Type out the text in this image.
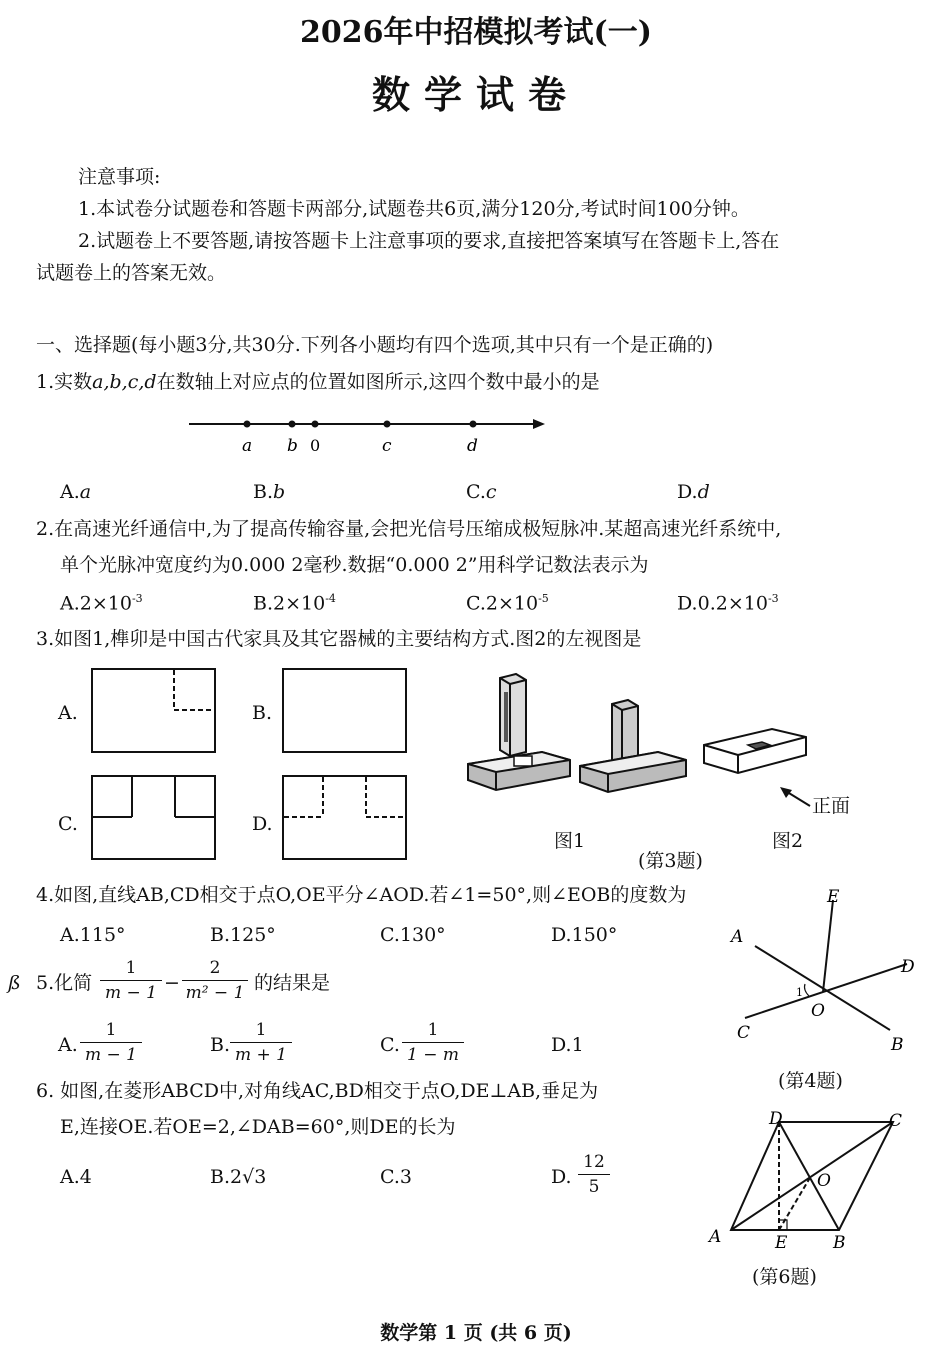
2026年中招模拟考试(一)
数学试卷
注意事项:
1.本试卷分试题卷和答题卡两部分,试题卷共6页,满分120分,考试时间100分钟。
2.试题卷上不要答题,请按答题卡上注意事项的要求,直接把答案填写在答题卡上,答在
试题卷上的答案无效。
一、选择题(每小题3分,共30分.下列各小题均有四个选项,其中只有一个是正确的)
1.实数a,b,c,d在数轴上对应点的位置如图所示,这四个数中最小的是
a b 0	c	d
A.a	B.b	C.c	D.d
2.在高速光纤通信中,为了提高传输容量,会把光信号压缩成极短脉冲.某超高速光纤系统中,
单个光脉冲宽度约为0.000 2毫秒.数据“0.000 2”用科学记数法表示为
$A.2\times 10^{-3}$	$B.2\times 10^{-4}$	$C.2\times 10^{-5}$	$D.0.2\times 10^{-3}$
3.如图1,榫卯是中国古代家具及其它器械的主要结构方式.图2的左视图是
A.	B.
C.	D.
正面
图1	图2
(第3题)
4.如图,直线AB,CD相交于点O,OE平分∠AOD.若∠1=50°,则∠EOB的度数为
A.115°	B.125°	C.130°	D.150°	A
B
C
D
E
O
1
(第4题)
ß 5.化简 $\frac{1}{m - 1} - \frac{2}{\text{m² − 1}}$ 的结果是
A. $\frac{1}{m - 1}$	B. $\frac{1}{m + 1}$	C. $\frac{1}{1 - m}$	D.1
6. 如图,在菱形ABCD中,对角线AC,BD相交于点O,DE⊥AB,垂足为
E,连接OE.若OE=2,∠DAB=60°,则DE的长为
A.4	B.2√3	C.3	D. $\frac{12}{5}$
A	B
C
D
E
O
(第6题)
数学第 1 页 (共 6 页)
